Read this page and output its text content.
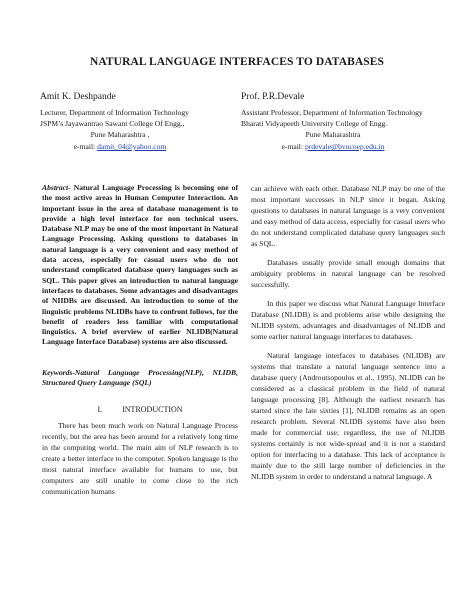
NATURAL LANGUAGE INTERFACES TO DATABASES
Amit K. Deshpande
Lecturer, Department of Information Technology
JSPM’s Jayawantrao Sawant College Of Engg.,
Pune Maharashtra ,
e-mail: damit_04@yahoo.com
Prof. P.R.Devale
Assistant Professor, Department of Information Technology
Bharati Vidyapeeth University College of Engg.
Pune Maharashtra
e-mail: prdevale@bvucoep.edu.in
Abstract- Natural Language Processing is becoming one of the most active areas in Human Computer Interaction. An important issue in the area of database management is to provide a high level interface for non technical users. Database NLP may be one of the most important in Natural Language Processing. Asking questions to databases in natural language is a very convenient and easy method of data access, especially for casual users who do not understand complicated database query languages such as SQL. This paper gives an introduction to natural language interfaces to databases. Some advantages and disadvantages of NIIDBs are discussed. An introduction to some of the linguistic problems NLIDBs have to confront follows, for the benefit of readers less familiar with computational linguistics. A brief overview of earlier NLIDB(Natural Language Interface Database) systems are also discussed.
Keywords-Natural Language Processing(NLP), NLIDB, Structured Query Language (SQL)
I.	INTRODUCTION

There has been much work on Natural Language Process recently, but the area has been around for a relatively long time in the computing world. The main aim of NLP research is to create a better interface to the computer. Spoken language is the most natural interface available for humans to use, but computers are still unable to come close to the rich communication humans

can achieve with each other. Database NLP may be one of the most important successes in NLP since it began. Asking questions to databases in natural language is a very convenient and easy method of data access, especially for casual users who do not understand complicated database query languages such as SQL.

Databases usually provide small enough domains that ambiguity problems in natural language can be resolved successfully.

In this paper we discuss what Natural Language Interface Database (NLIDB) is and problems arise while designing the NLIDB system, advantages and disadvantages of NLIDB and some earlier natural language interfaces to databases.

Natural language interfaces to databases (NLIDB) are systems that translate a natural language sentence into a database query (Androutsopoulos et al., 1995). NLIDB can be considered as a classical problem in the field of natural language processing [8]. Although the earliest research has started since the late sixties [1], NLIDB remains as an open research problem. Several NLIDB systems have also been made for commercial use; regardless, the use of NLIDB systems certainly is not wide-spread and it is not a standard option for interfacing to a database. This lack of acceptance is mainly due to the still large number of deficiencies in the NLIDB system in order to understand a natural language. A
